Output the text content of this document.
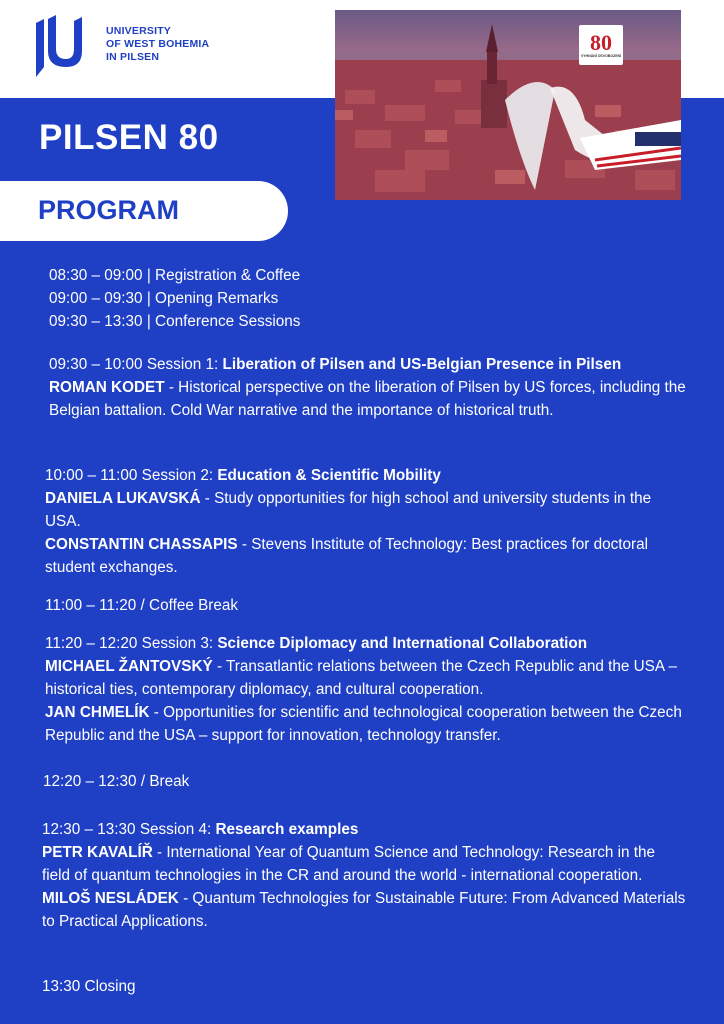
UNIVERSITY
OF WEST BOHEMIA
IN PILSEN
80
VYHNÁNÍ OSVOBOZENÍ
PILSEN 80
PROGRAM
08:30 – 09:00 | Registration & Coffee
09:00 – 09:30 | Opening Remarks
09:30 – 13:30 | Conference Sessions
09:30 – 10:00 Session 1: Liberation of Pilsen and US-Belgian Presence in Pilsen
ROMAN KODET - Historical perspective on the liberation of Pilsen by US forces, including the Belgian battalion. Cold War narrative and the importance of historical truth.
10:00 – 11:00 Session 2: Education & Scientific Mobility
DANIELA LUKAVSKÁ - Study opportunities for high school and university students in the USA.
CONSTANTIN CHASSAPIS - Stevens Institute of Technology: Best practices for doctoral student exchanges.
11:00 – 11:20 / Coffee Break
11:20 – 12:20 Session 3: Science Diplomacy and International Collaboration
MICHAEL ŽANTOVSKÝ - Transatlantic relations between the Czech Republic and the USA – historical ties, contemporary diplomacy, and cultural cooperation.
JAN CHMELÍK - Opportunities for scientific and technological cooperation between the Czech Republic and the USA – support for innovation, technology transfer.
12:20 – 12:30 / Break
12:30 – 13:30 Session 4: Research examples
PETR KAVALÍŘ - International Year of Quantum Science and Technology: Research in the field of quantum technologies in the CR and around the world - international cooperation.
MILOŠ NESLÁDEK - Quantum Technologies for Sustainable Future: From Advanced Materials to Practical Applications.
13:30 Closing
